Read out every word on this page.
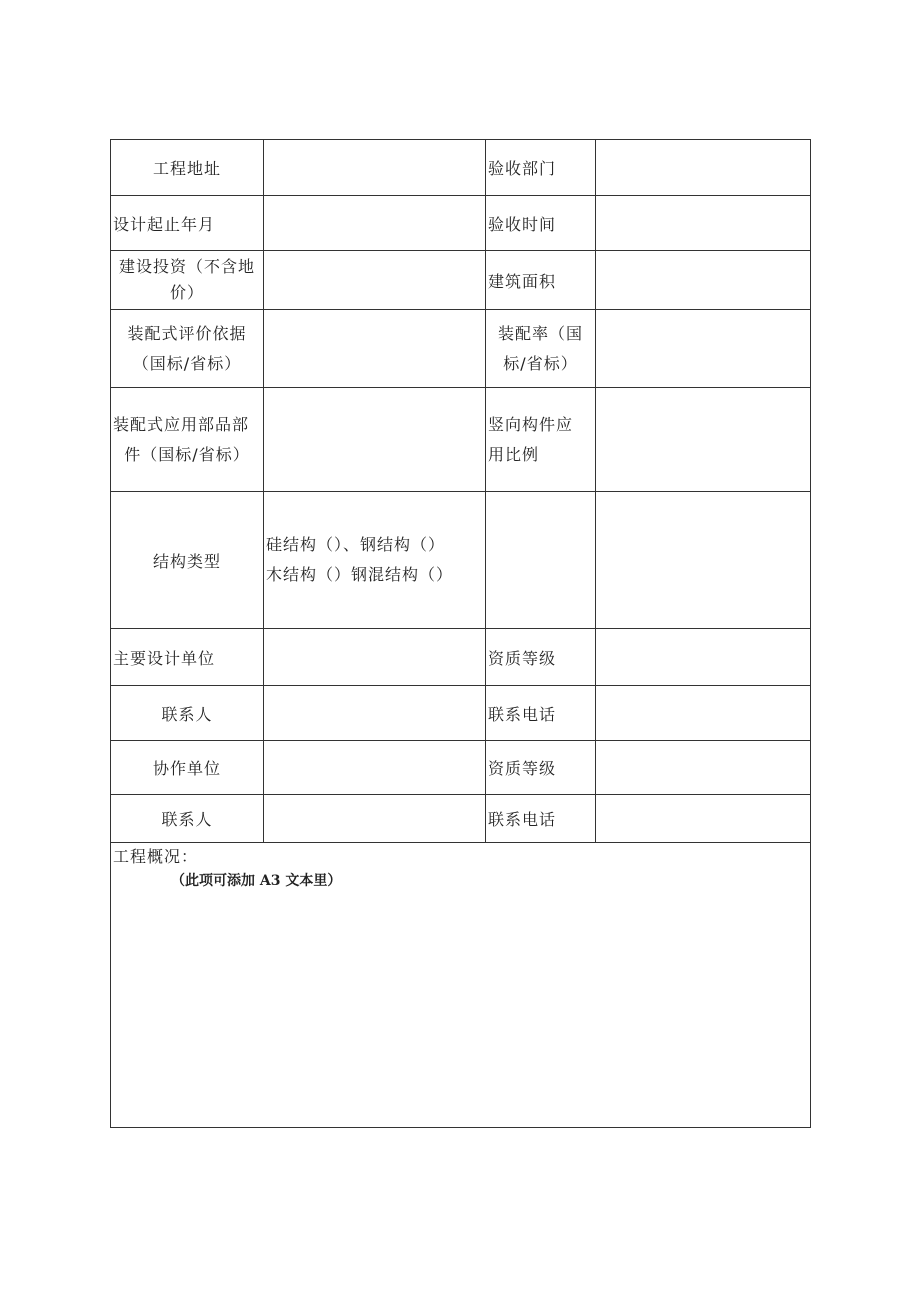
工程地址		验收部门	
设计起止年月		验收时间	

建设投资（不含地
价）		建筑面积	

装配式评价依据
（国标/省标）		装配率（国
标/省标）	

装配式应用部品部
件（国标/省标）		竖向构件应
用比例	

结构类型	硅结构（）、钢结构（）
木结构（）钢混结构（）		

主要设计单位		资质等级	
联系人		联系电话	
协作单位		资质等级	
联系人		联系电话	

工程概况：
（此项可添加 A3 文本里）			
